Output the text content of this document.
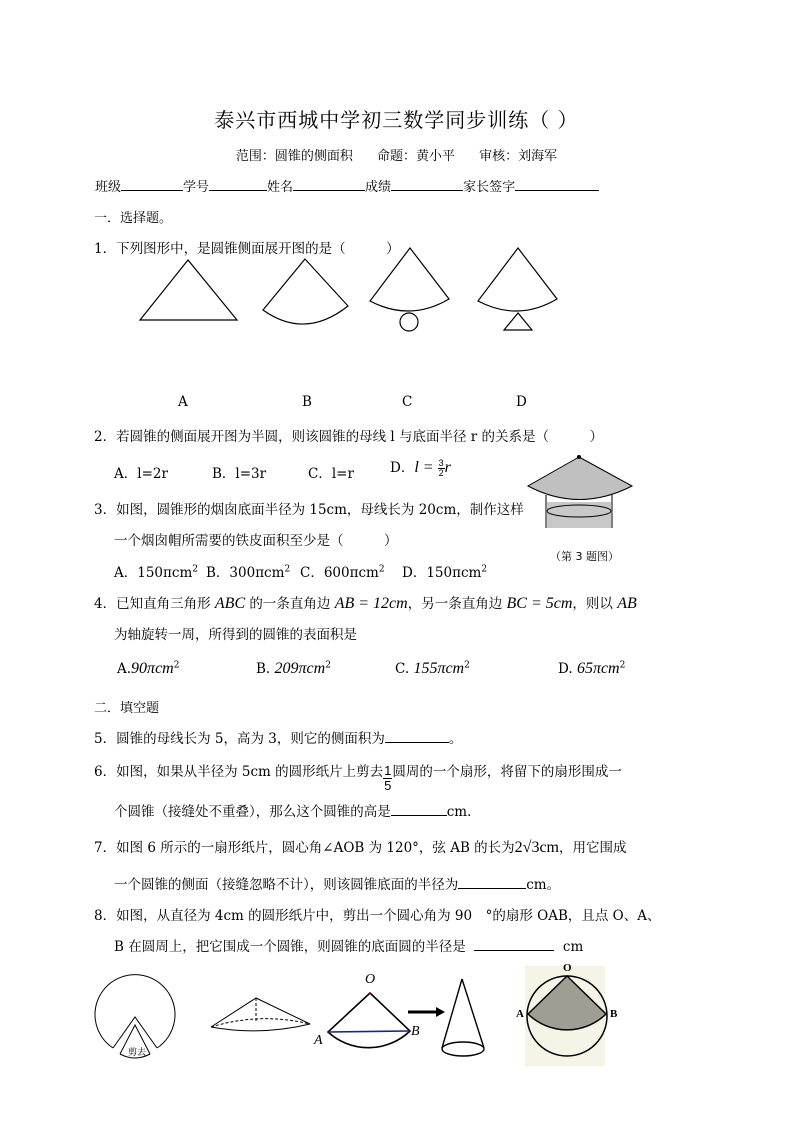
泰兴市西城中学初三数学同步训练（ ）
范围：圆锥的侧面积 命题：黄小平 审核：刘海军
班级	学号	姓名	成绩	家长签字
一．选择题。
1．下列图形中，是圆锥侧面展开图的是（　　　）
A	B	C	D
2．若圆锥的侧面展开图为半圆，则该圆锥的母线 l 与底面半径 r 的关系是（　　　）
A．l=2r	B．l=3r	C．l=r	D．$l = \frac{3}{2}$ r
（第 3 题图）
3．如图，圆锥形的烟囱底面半径为 15cm，母线长为 20cm，制作这样
一个烟囱帽所需要的铁皮面积至少是（　　　）
A．150πcm$^2$ B．300πcm$^2$ C．600πcm$^2$ D．150πcm$^2$
4．已知直角三角形 ABC 的一条直角边 AB = 12cm，另一条直角边 BC = 5cm，则以 AB
为轴旋转一周，所得到的圆锥的表面积是
A.90πcm$^2$	B. 209πcm$^2$	C. 155πcm$^2$	D. 65πcm$^2$
二．填空题
5．圆锥的母线长为 5，高为 3，则它的侧面积为	。
6．如图，如果从半径为 5cm 的圆形纸片上剪去 $\frac{1}{5}$ 圆周的一个扇形，将留下的扇形围成一
个圆锥（接缝处不重叠），那么这个圆锥的高是	cm．
7．如图 6 所示的一扇形纸片，圆心角∠AOB 为 120°，弦 AB 的长为2√3cm，用它围成
一个圆锥的侧面（接缝忽略不计），则该圆锥底面的半径为	cm。
8．如图，从直径为 4cm 的圆形纸片中，剪出一个圆心角为 90　°的扇形 OAB，且点 O、A、
B 在圆周上，把它围成一个圆锥，则圆锥的底面圆的半径是	cm
剪去
O
A
B
O
A	B
